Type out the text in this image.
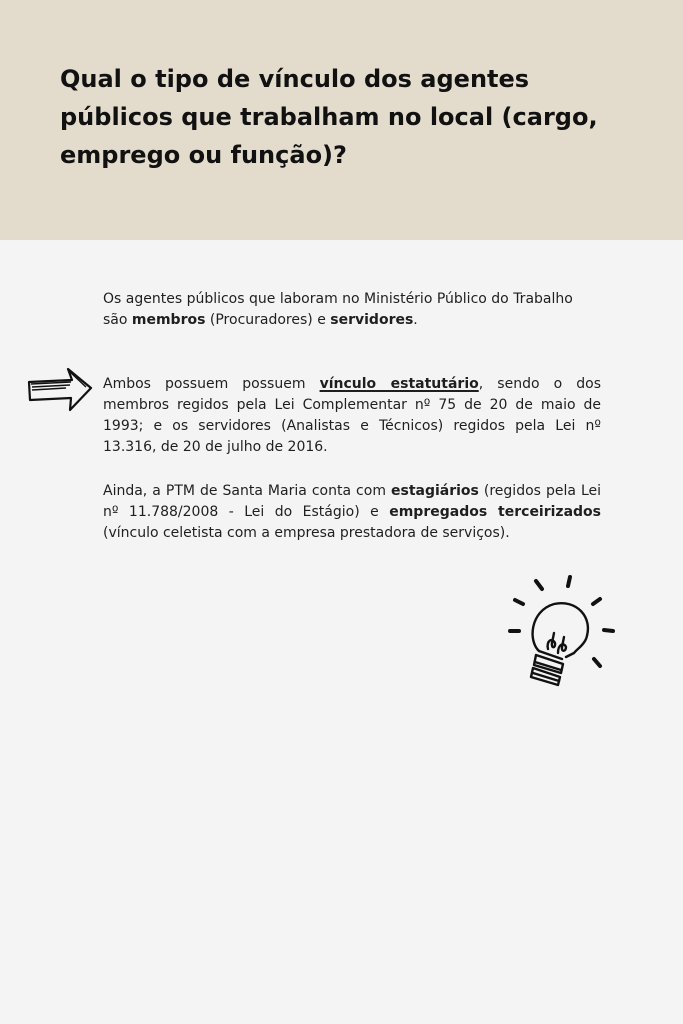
Qual o tipo de vínculo dos agentes públicos que trabalham no local (cargo, emprego ou função)?

Os agentes públicos que laboram no Ministério Público do Trabalho são membros (Procuradores) e servidores.

Ambos possuem possuem vínculo estatutário, sendo o dos membros regidos pela Lei Complementar nº 75 de 20 de maio de 1993; e os servidores (Analistas e Técnicos) regidos pela Lei nº 13.316, de 20 de julho de 2016.

Ainda, a PTM de Santa Maria conta com estagiários (regidos pela Lei nº 11.788/2008 - Lei do Estágio) e empregados terceirizados (vínculo celetista com a empresa prestadora de serviços).
